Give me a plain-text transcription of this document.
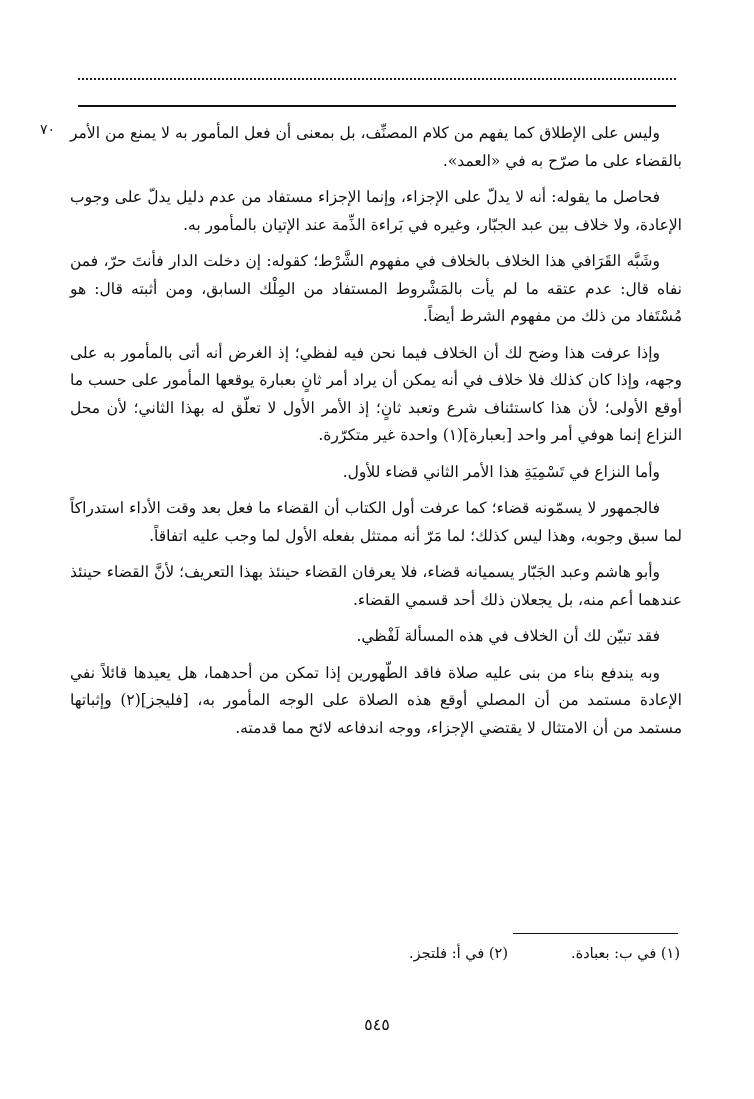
٧٠ وليس على الإطلاق كما يفهم من كلام المصنِّف، بل بمعنى أن فعل المأمور به لا يمنع من الأمر بالقضاء على ما صرّح به في «العمد».

فحاصل ما يقوله: أنه لا يدلّ على الإجزاء، وإنما الإجزاء مستفاد من عدم دليل يدلّ على وجوب الإعادة، ولا خلاف بين عبد الجبّار، وغيره في بَراءة الذِّمة عند الإتيان بالمأمور به.

وشَبَّه القَرَافي هذا الخلاف بالخلاف في مفهوم الشَّرْط؛ كقوله: إن دخلت الدار فأنتَ حرّ، فمن نفاه قال: عدم عتقه ما لم يأت بالمَشْروط المستفاد من المِلْك السابق، ومن أثبته قال: هو مُسْتَفاد من ذلك من مفهوم الشرط أيضاً.

وإذا عرفت هذا وضح لك أن الخلاف فيما نحن فيه لفظي؛ إذ الغرض أنه أتى بالمأمور به على وجهه، وإذا كان كذلك فلا خلاف في أنه يمكن أن يراد أمر ثانٍ بعبارة يوقعها المأمور على حسب ما أوقع الأولى؛ لأن هذا كاستئناف شرع وتعبد ثانٍ؛ إذ الأمر الأول لا تعلّق له بهذا الثاني؛ لأن محل النزاع إنما هوفي أمر واحد [بعبارة](١) واحدة غير متكرّرة.

وأما النزاع في تَسْمِيَةِ هذا الأمر الثاني قضاء للأول.

فالجمهور لا يسمّونه قضاء؛ كما عرفت أول الكتاب أن القضاء ما فعل بعد وقت الأداء استدراكاً لما سبق وجوبه، وهذا ليس كذلك؛ لما مَرّ أنه ممتثل بفعله الأول لما وجب عليه اتفاقاً.

وأبو هاشم وعبد الجَبّار يسميانه قضاء، فلا يعرفان القضاء حينئذ بهذا التعريف؛ لأنَّ القضاء حينئذ عندهما أعم منه، بل يجعلان ذلك أحد قسمي القضاء.

فقد تبيّن لك أن الخلاف في هذه المسألة لَفْظي.

وبه يندفع بناء من بنى عليه صلاة فاقد الطّهورين إذا تمكن من أحدهما، هل يعيدها قائلاً نفي الإعادة مستمد من أن المصلي أوقع هذه الصلاة على الوجه المأمور به، [فليجز](٢) وإثباتها مستمد من أن الامتثال لا يقتضي الإجزاء، ووجه اندفاعه لائح مما قدمته.

(١) في ب: بعبادة.
(٢) في أ: فلتجز.
٥٤٥
